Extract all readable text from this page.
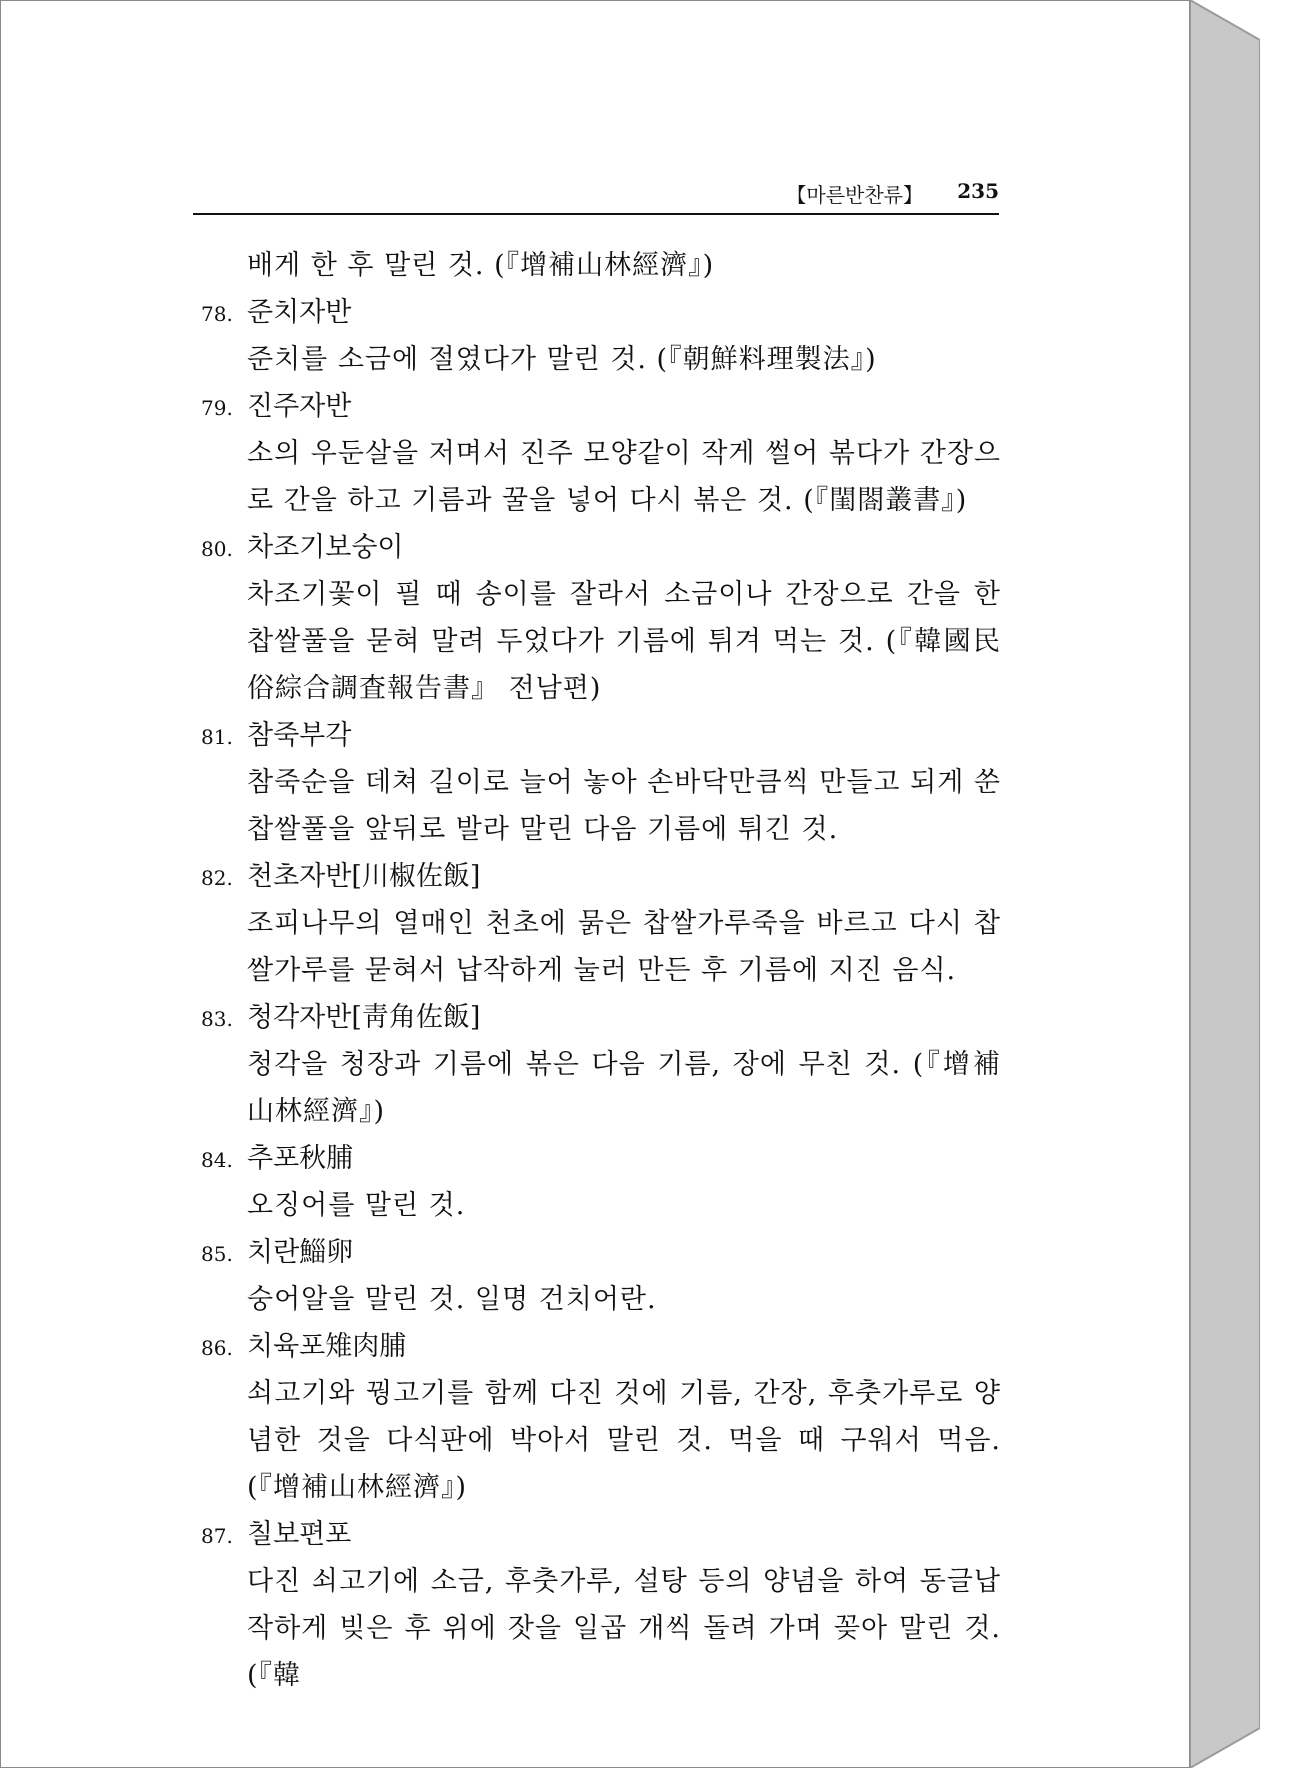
【마른반찬류】 235
배게 한 후 말린 것. (『增補山林經濟』)
78. 준치자반
준치를 소금에 절였다가 말린 것. (『朝鮮料理製法』)
79. 진주자반
소의 우둔살을 저며서 진주 모양같이 작게 썰어 볶다가 간장으로 간을 하고 기름과 꿀을 넣어 다시 볶은 것. (『閨閤叢書』)
80. 차조기보숭이
차조기꽃이 필 때 송이를 잘라서 소금이나 간장으로 간을 한 찹쌀풀을 묻혀 말려 두었다가 기름에 튀겨 먹는 것. (『韓國民俗綜合調査報告書』 전남편)
81. 참죽부각
참죽순을 데쳐 길이로 늘어 놓아 손바닥만큼씩 만들고 되게 쑨 찹쌀풀을 앞뒤로 발라 말린 다음 기름에 튀긴 것.
82. 천초자반[川椒佐飯]
조피나무의 열매인 천초에 묽은 찹쌀가루죽을 바르고 다시 찹쌀가루를 묻혀서 납작하게 눌러 만든 후 기름에 지진 음식.
83. 청각자반[靑角佐飯]
청각을 청장과 기름에 볶은 다음 기름, 장에 무친 것. (『增補山林經濟』)
84. 추포秋脯
오징어를 말린 것.
85. 치란鯔卵
숭어알을 말린 것. 일명 건치어란.
86. 치육포雉肉脯
쇠고기와 꿩고기를 함께 다진 것에 기름, 간장, 후춧가루로 양념한 것을 다식판에 박아서 말린 것. 먹을 때 구워서 먹음. (『增補山林經濟』)
87. 칠보편포
다진 쇠고기에 소금, 후춧가루, 설탕 등의 양념을 하여 동글납작하게 빚은 후 위에 잣을 일곱 개씩 돌려 가며 꽂아 말린 것. (『韓
